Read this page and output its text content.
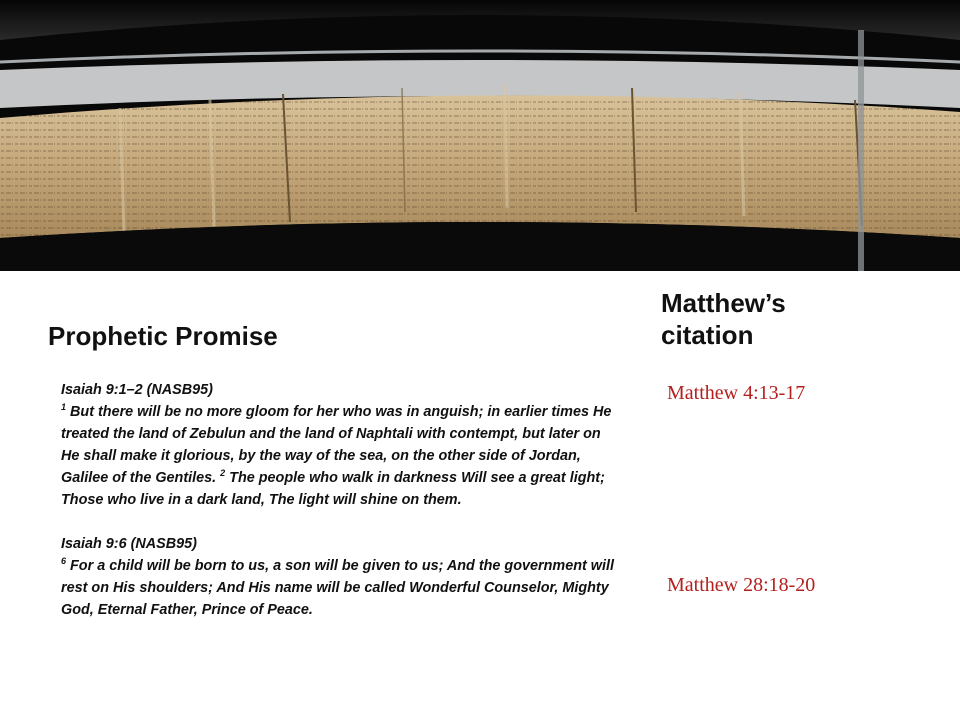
Prophetic Promise
Matthew’s citation

Isaiah 9:1–2 (NASB95)
$^1$ But there will be no more gloom for her who was in anguish; in earlier times He treated the land of Zebulun and the land of Naphtali with contempt, but later on He shall make it glorious, by the way of the sea, on the other side of Jordan, Galilee of the Gentiles. $^2$ The people who walk in darkness Will see a great light; Those who live in a dark land, The light will shine on them.

Isaiah 9:6 (NASB95)
$^6$ For a child will be born to us, a son will be given to us; And the government will rest on His shoulders; And His name will be called Wonderful Counselor, Mighty God, Eternal Father, Prince of Peace.

Matthew 4:13-17
Matthew 28:18-20
